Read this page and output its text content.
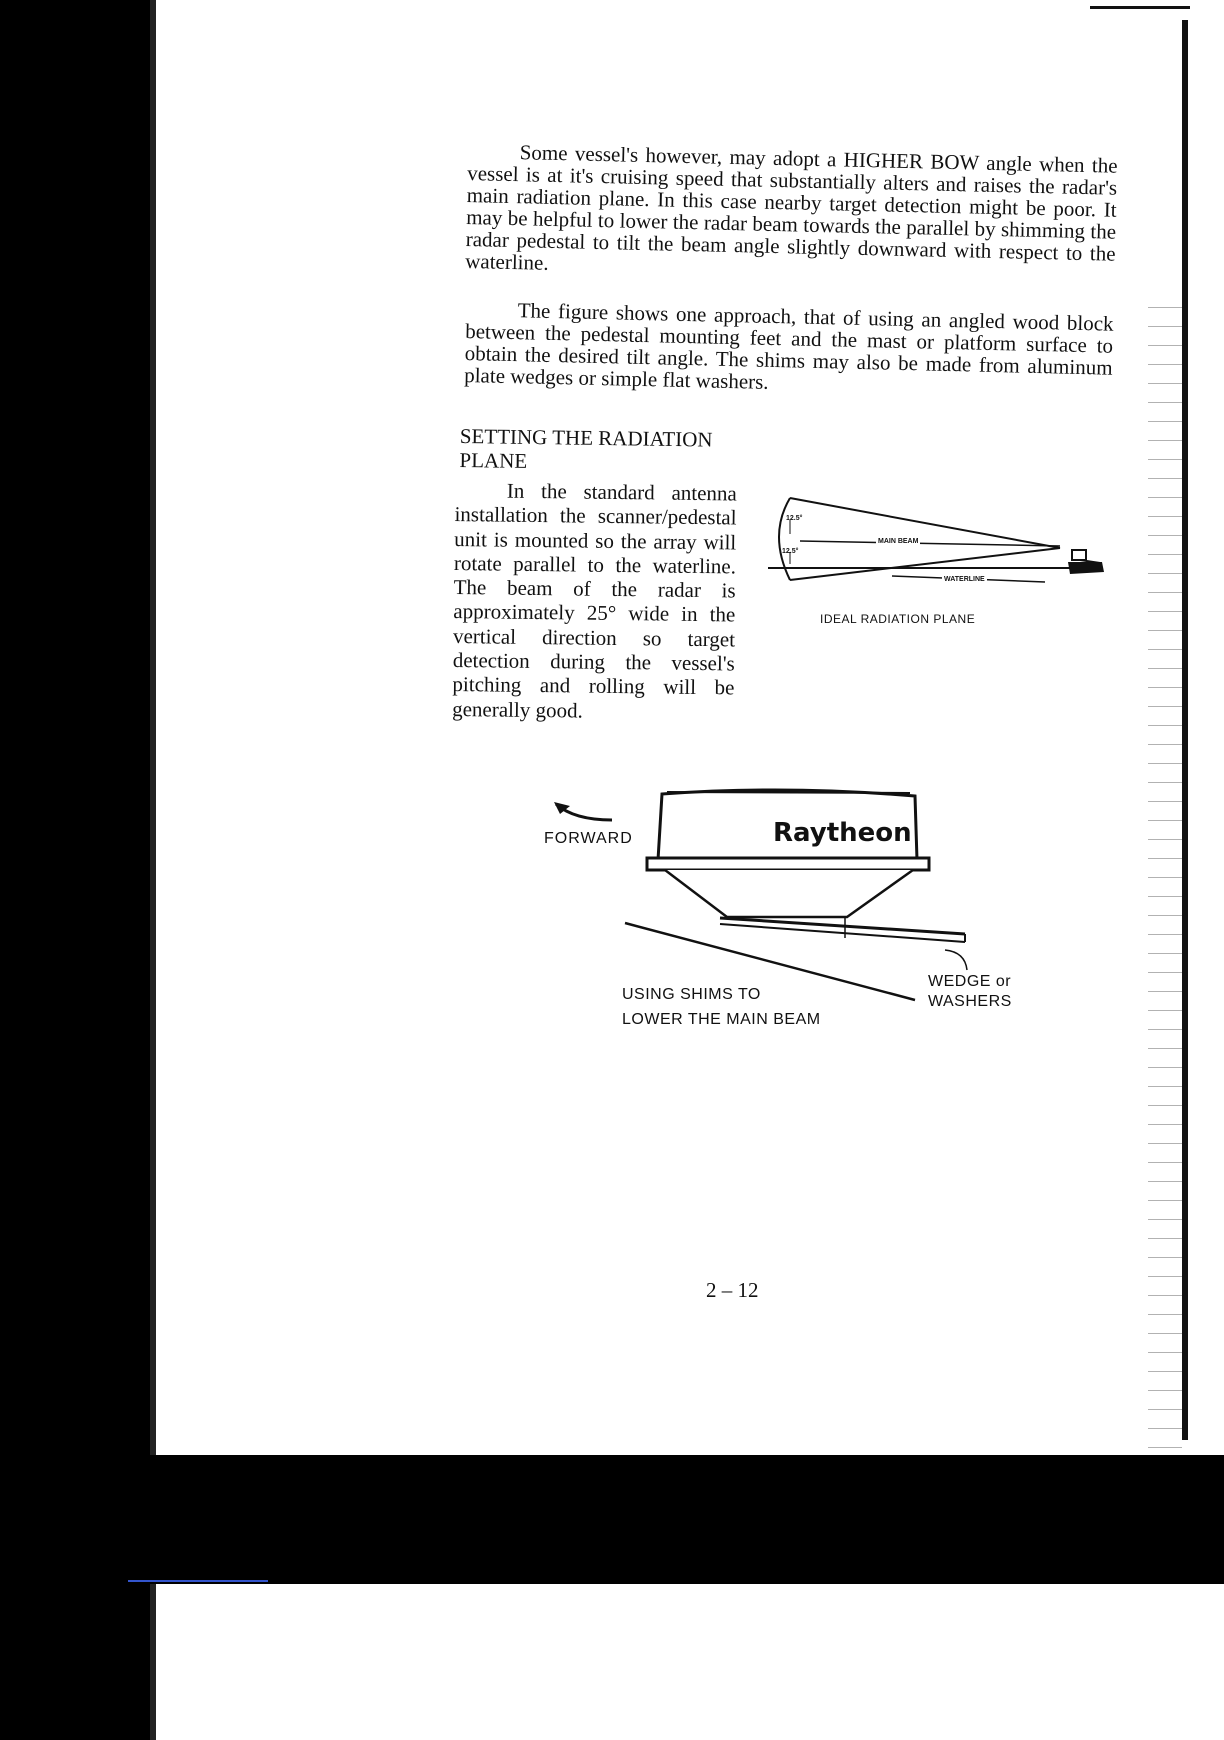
Some vessel's however, may adopt a HIGHER BOW angle when the vessel is at it's cruising speed that substantially alters and raises the radar's main radiation plane. In this case nearby target detection might be poor. It may be helpful to lower the radar beam towards the parallel by shimming the radar pedestal to tilt the beam angle slightly downward with respect to the waterline.

The figure shows one approach, that of using an angled wood block between the pedestal mounting feet and the mast or platform surface to obtain the desired tilt angle. The shims may also be made from aluminum plate wedges or simple flat washers.

SETTING THE RADIATION PLANE

In the standard antenna installation the scanner/pedestal unit is mounted so the array will rotate parallel to the waterline. The beam of the radar is approximately 25° wide in the vertical direction so target detection during the vessel's pitching and rolling will be generally good.

12.5°
12.5°
MAIN BEAM
WATERLINE
IDEAL RADIATION PLANE
FORWARD	Raytheon
USING SHIMS TO
LOWER THE MAIN BEAM
WEDGE or
WASHERS
2 – 12
